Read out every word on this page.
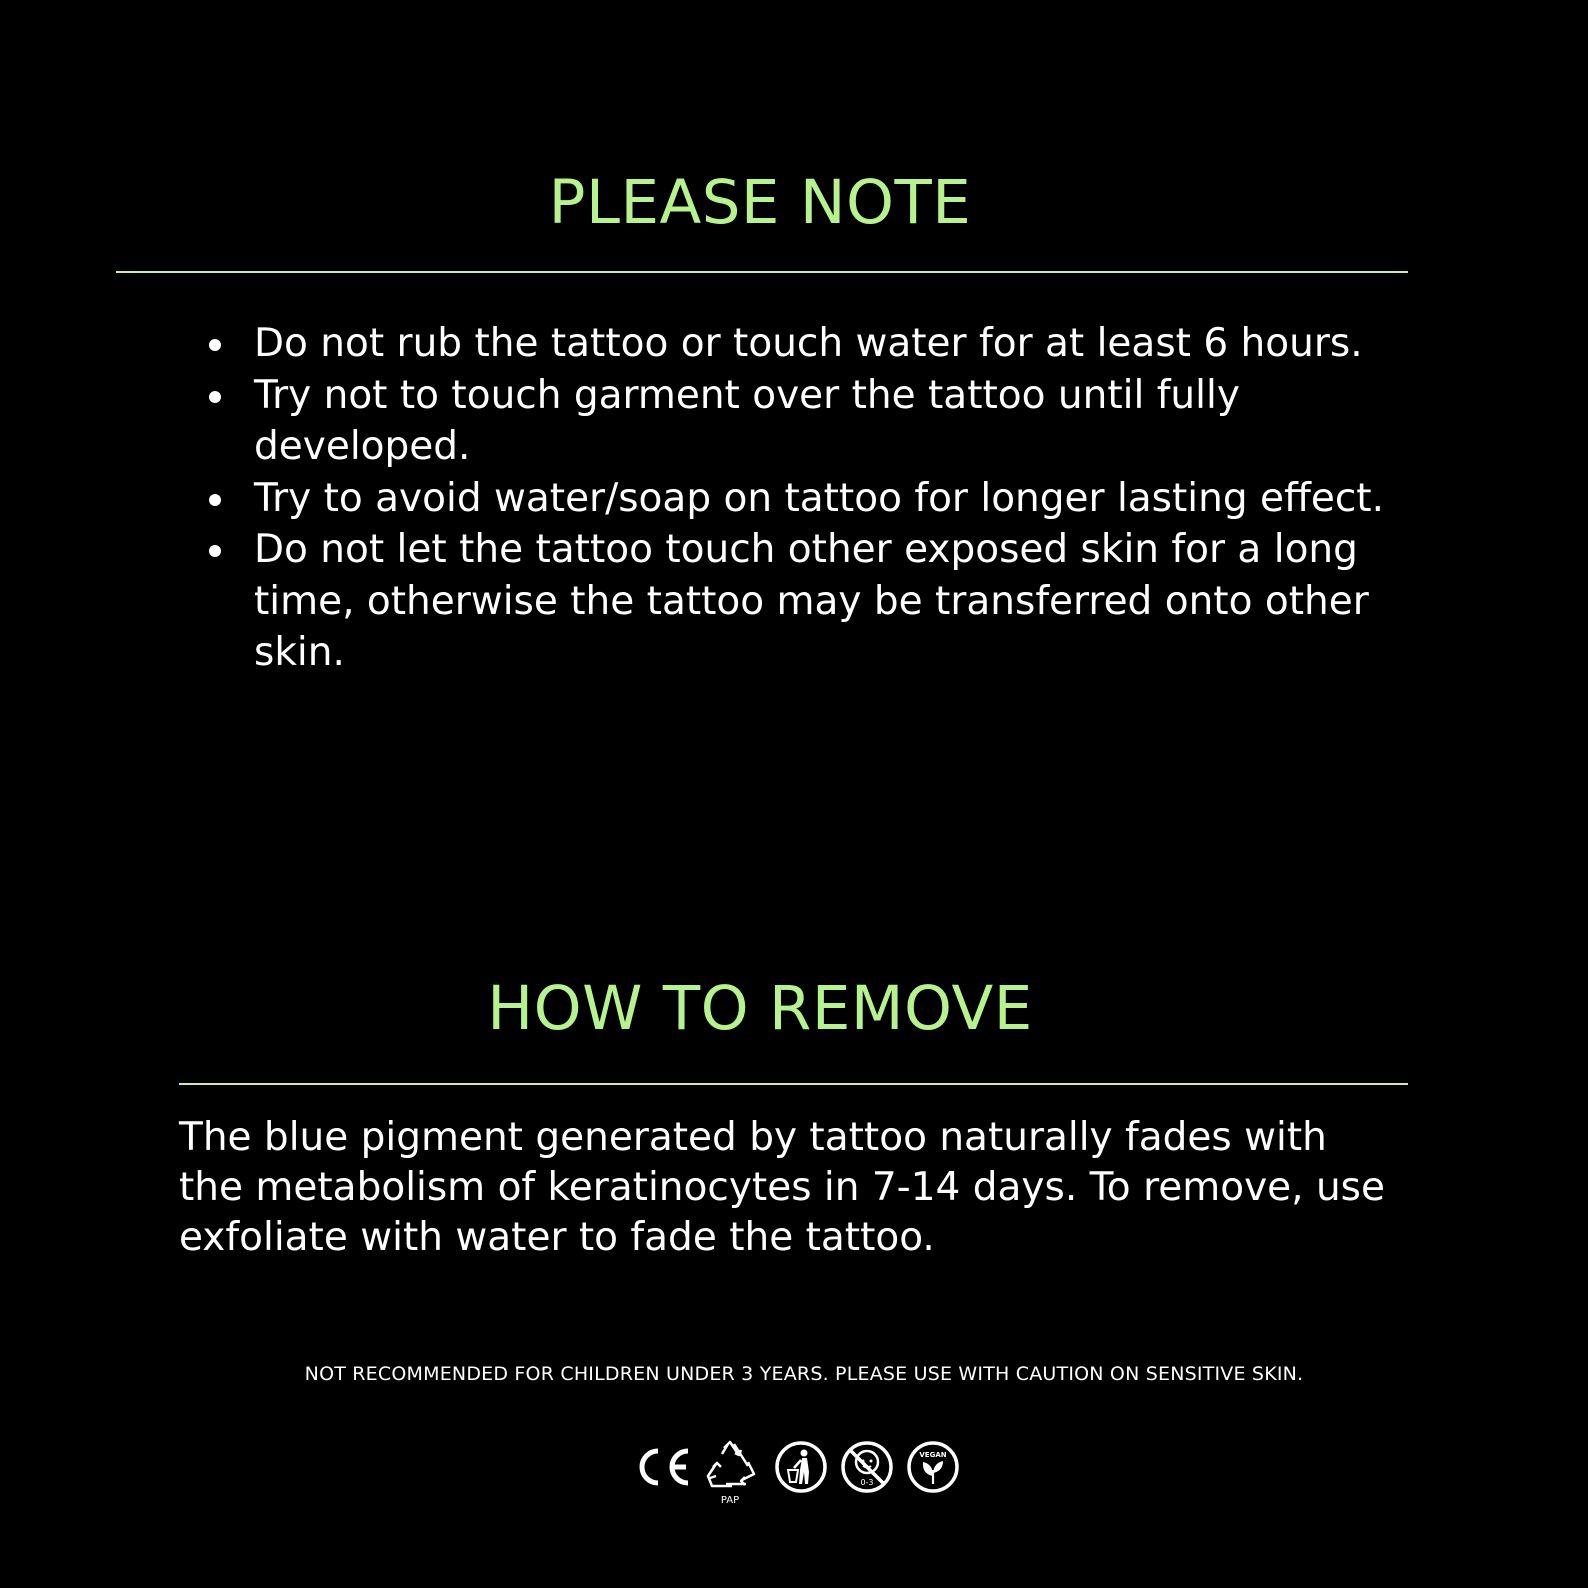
PLEASE NOTE
Do not rub the tattoo or touch water for at least 6 hours.
Try not to touch garment over the tattoo until fully developed.
Try to avoid water/soap on tattoo for longer lasting effect.
Do not let the tattoo touch other exposed skin for a long time, otherwise the tattoo may be transferred onto other skin.
HOW TO REMOVE

The blue pigment generated by tattoo naturally fades with the metabolism of keratinocytes in 7-14 days. To remove, use exfoliate with water to fade the tattoo.

NOT RECOMMENDED FOR CHILDREN UNDER 3 YEARS. PLEASE USE WITH CAUTION ON SENSITIVE SKIN.

PAP
0-3
VEGAN
